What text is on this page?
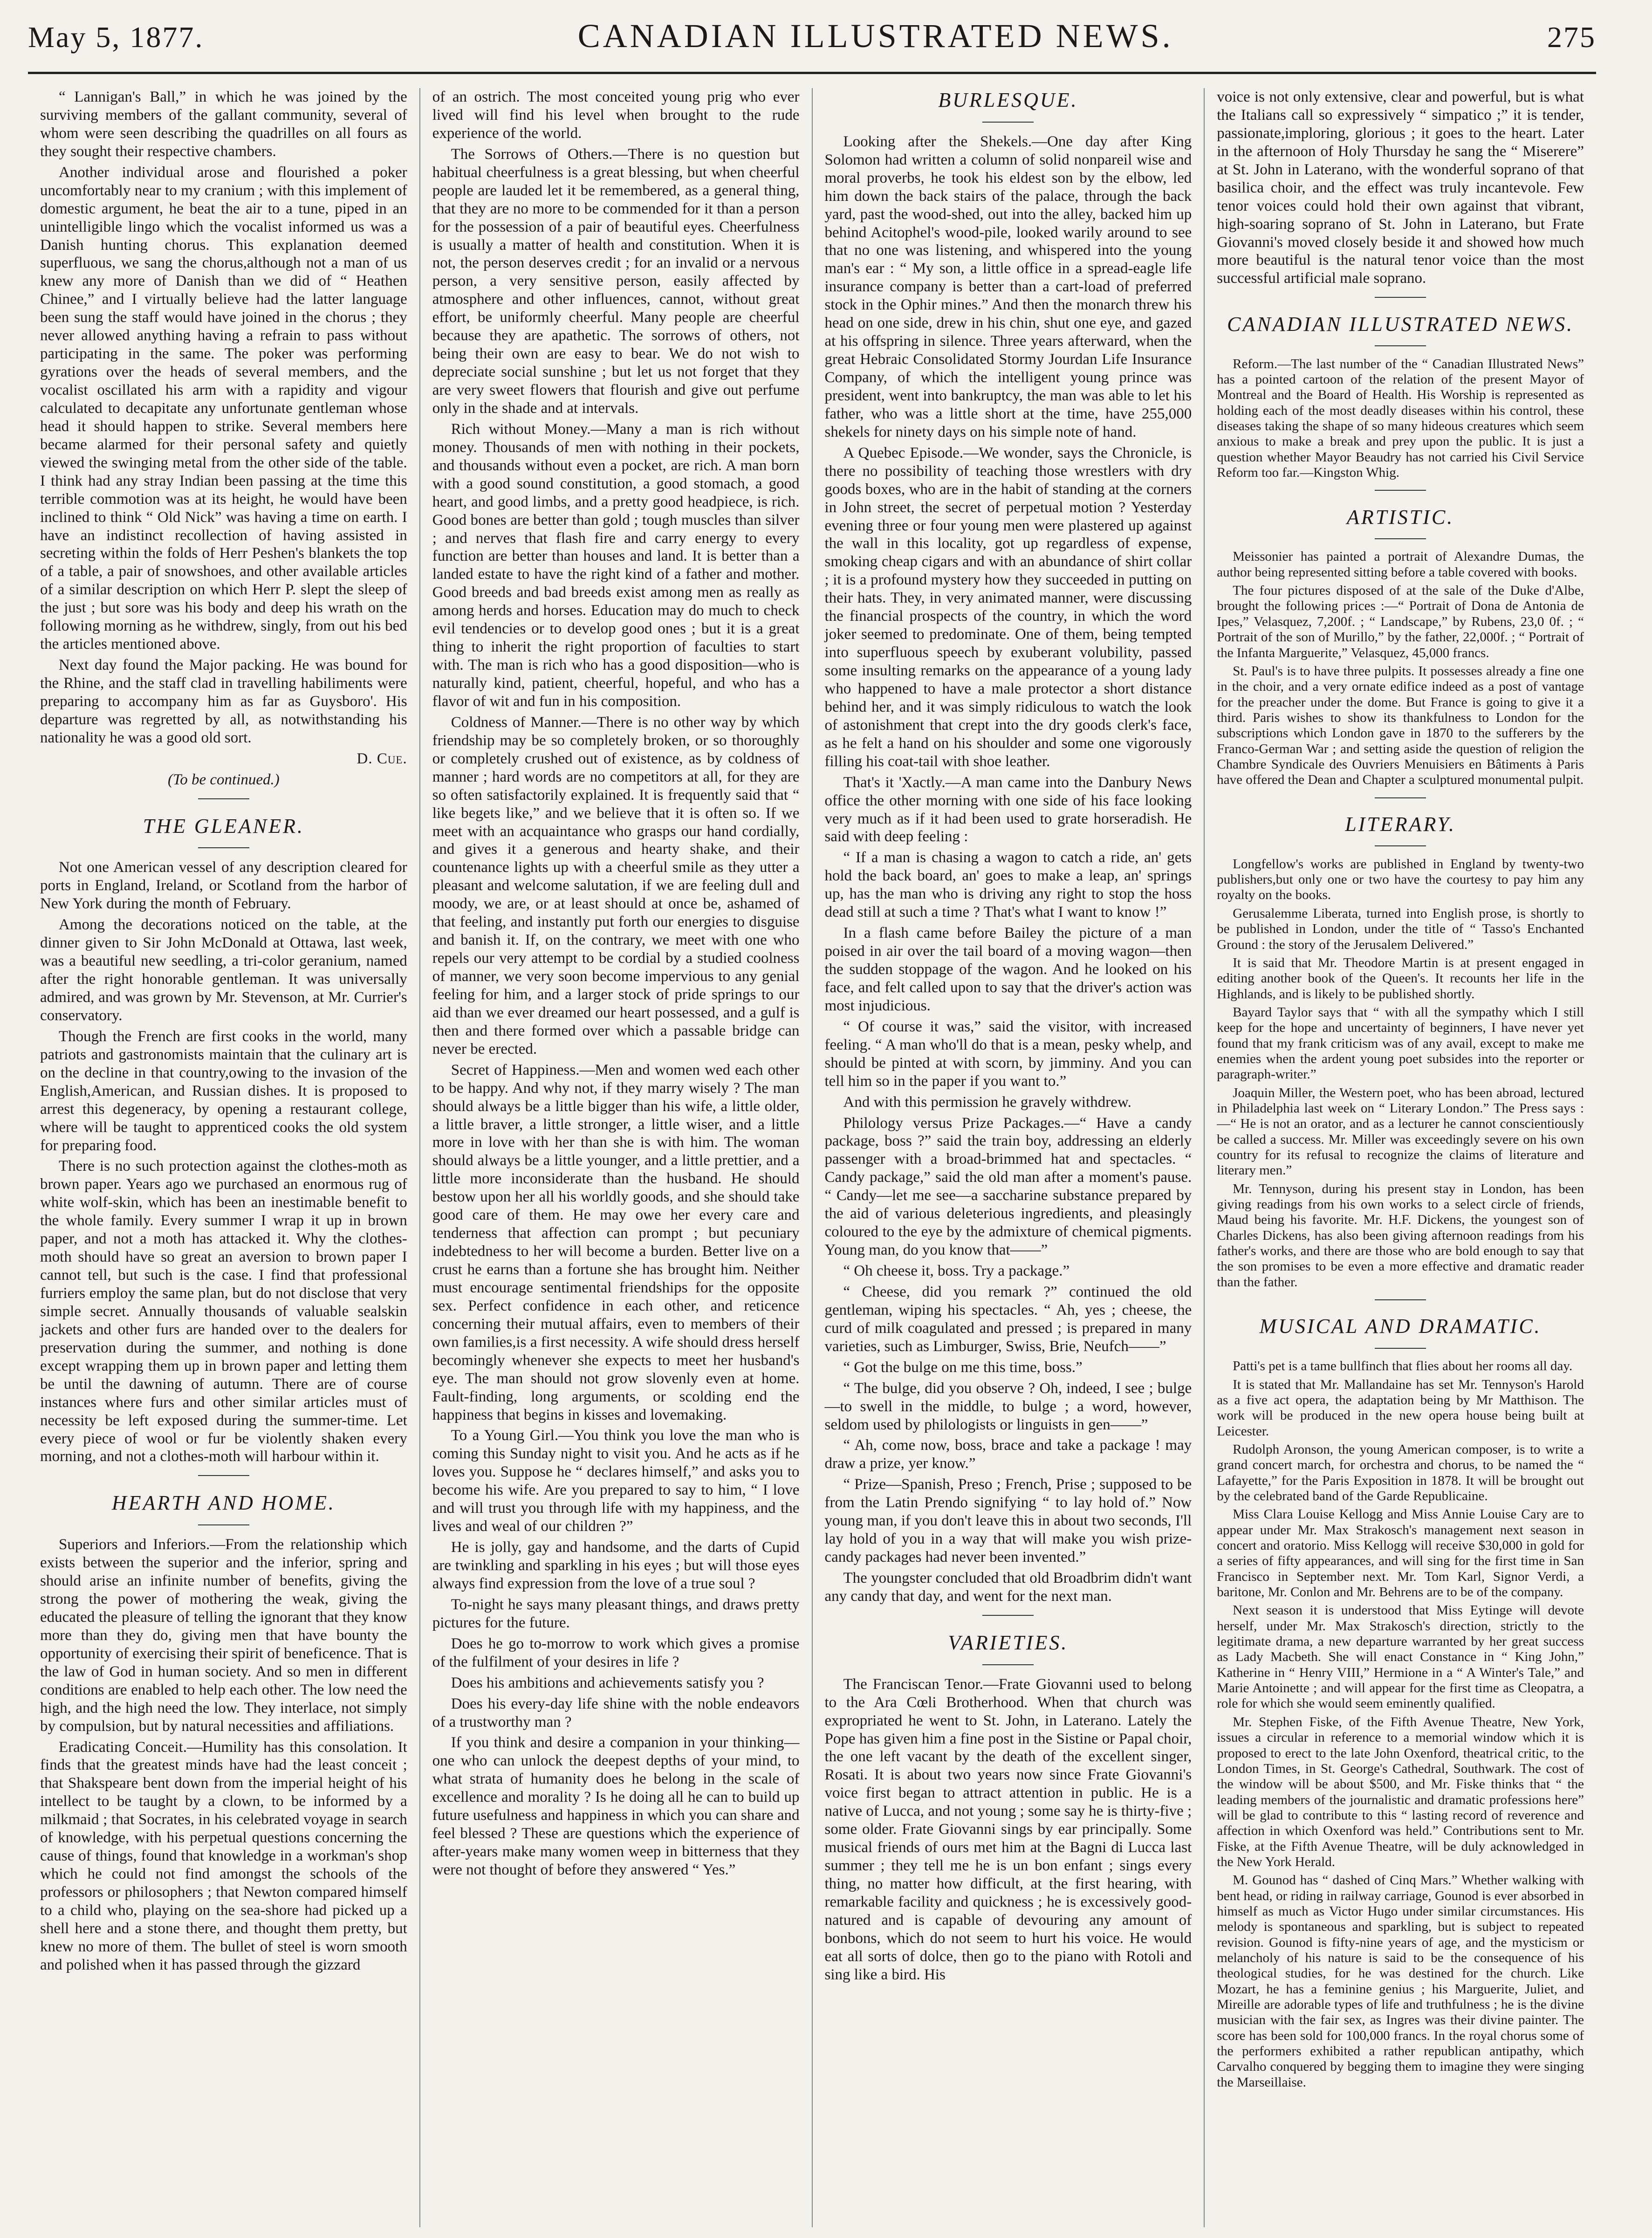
May 5, 1877.	CANADIAN ILLUSTRATED NEWS.	275

“ Lannigan's Ball,” in which he was joined by the surviving members of the gallant community, several of whom were seen describing the quadrilles on all fours as they sought their respective chambers.

Another individual arose and flourished a poker uncomfortably near to my cranium ; with this implement of domestic argument, he beat the air to a tune, piped in an unintelligible lingo which the vocalist informed us was a Danish hunting chorus. This explanation deemed superfluous, we sang the chorus,although not a man of us knew any more of Danish than we did of “ Heathen Chinee,” and I virtually believe had the latter language been sung the staff would have joined in the chorus ; they never allowed anything having a refrain to pass without participating in the same. The poker was performing gyrations over the heads of several members, and the vocalist oscillated his arm with a rapidity and vigour calculated to decapitate any unfortunate gentleman whose head it should happen to strike. Several members here became alarmed for their personal safety and quietly viewed the swinging metal from the other side of the table. I think had any stray Indian been passing at the time this terrible commotion was at its height, he would have been inclined to think “ Old Nick” was having a time on earth. I have an indistinct recollection of having assisted in secreting within the folds of Herr Peshen's blankets the top of a table, a pair of snowshoes, and other available articles of a similar description on which Herr P. slept the sleep of the just ; but sore was his body and deep his wrath on the following morning as he withdrew, singly, from out his bed the articles mentioned above.

Next day found the Major packing. He was bound for the Rhine, and the staff clad in travelling habiliments were preparing to accompany him as far as Guysboro'. His departure was regretted by all, as notwithstanding his nationality he was a good old sort.

D. Cue.

(To be continued.)

THE GLEANER.

Not one American vessel of any description cleared for ports in England, Ireland, or Scotland from the harbor of New York during the month of February.

Among the decorations noticed on the table, at the dinner given to Sir John McDonald at Ottawa, last week, was a beautiful new seedling, a tri-color geranium, named after the right honorable gentleman. It was universally admired, and was grown by Mr. Stevenson, at Mr. Currier's conservatory.

Though the French are first cooks in the world, many patriots and gastronomists maintain that the culinary art is on the decline in that country,owing to the invasion of the English,American, and Russian dishes. It is proposed to arrest this degeneracy, by opening a restaurant college, where will be taught to apprenticed cooks the old system for preparing food.

There is no such protection against the clothes-moth as brown paper. Years ago we purchased an enormous rug of white wolf-skin, which has been an inestimable benefit to the whole family. Every summer I wrap it up in brown paper, and not a moth has attacked it. Why the clothes-moth should have so great an aversion to brown paper I cannot tell, but such is the case. I find that professional furriers employ the same plan, but do not disclose that very simple secret. Annually thousands of valuable sealskin jackets and other furs are handed over to the dealers for preservation during the summer, and nothing is done except wrapping them up in brown paper and letting them be until the dawning of autumn. There are of course instances where furs and other similar articles must of necessity be left exposed during the summer-time. Let every piece of wool or fur be violently shaken every morning, and not a clothes-moth will harbour within it.

HEARTH AND HOME.

Superiors and Inferiors.—From the relationship which exists between the superior and the inferior, spring and should arise an infinite number of benefits, giving the strong the power of mothering the weak, giving the educated the pleasure of telling the ignorant that they know more than they do, giving men that have bounty the opportunity of exercising their spirit of beneficence. That is the law of God in human society. And so men in different conditions are enabled to help each other. The low need the high, and the high need the low. They interlace, not simply by compulsion, but by natural necessities and affiliations.

Eradicating Conceit.—Humility has this consolation. It finds that the greatest minds have had the least conceit ; that Shakspeare bent down from the imperial height of his intellect to be taught by a clown, to be informed by a milkmaid ; that Socrates, in his celebrated voyage in search of knowledge, with his perpetual questions concerning the cause of things, found that knowledge in a workman's shop which he could not find amongst the schools of the professors or philosophers ; that Newton compared himself to a child who, playing on the sea-shore had picked up a shell here and a stone there, and thought them pretty, but knew no more of them. The bullet of steel is worn smooth and polished when it has passed through the gizzard

of an ostrich. The most conceited young prig who ever lived will find his level when brought to the rude experience of the world.

The Sorrows of Others.—There is no question but habitual cheerfulness is a great blessing, but when cheerful people are lauded let it be remembered, as a general thing, that they are no more to be commended for it than a person for the possession of a pair of beautiful eyes. Cheerfulness is usually a matter of health and constitution. When it is not, the person deserves credit ; for an invalid or a nervous person, a very sensitive person, easily affected by atmosphere and other influences, cannot, without great effort, be uniformly cheerful. Many people are cheerful because they are apathetic. The sorrows of others, not being their own are easy to bear. We do not wish to depreciate social sunshine ; but let us not forget that they are very sweet flowers that flourish and give out perfume only in the shade and at intervals.

Rich without Money.—Many a man is rich without money. Thousands of men with nothing in their pockets, and thousands without even a pocket, are rich. A man born with a good sound constitution, a good stomach, a good heart, and good limbs, and a pretty good headpiece, is rich. Good bones are better than gold ; tough muscles than silver ; and nerves that flash fire and carry energy to every function are better than houses and land. It is better than a landed estate to have the right kind of a father and mother. Good breeds and bad breeds exist among men as really as among herds and horses. Education may do much to check evil tendencies or to develop good ones ; but it is a great thing to inherit the right proportion of faculties to start with. The man is rich who has a good disposition—who is naturally kind, patient, cheerful, hopeful, and who has a flavor of wit and fun in his composition.

Coldness of Manner.—There is no other way by which friendship may be so completely broken, or so thoroughly or completely crushed out of existence, as by coldness of manner ; hard words are no competitors at all, for they are so often satisfactorily explained. It is frequently said that “ like begets like,” and we believe that it is often so. If we meet with an acquaintance who grasps our hand cordially, and gives it a generous and hearty shake, and their countenance lights up with a cheerful smile as they utter a pleasant and welcome salutation, if we are feeling dull and moody, we are, or at least should at once be, ashamed of that feeling, and instantly put forth our energies to disguise and banish it. If, on the contrary, we meet with one who repels our very attempt to be cordial by a studied coolness of manner, we very soon become impervious to any genial feeling for him, and a larger stock of pride springs to our aid than we ever dreamed our heart possessed, and a gulf is then and there formed over which a passable bridge can never be erected.

Secret of Happiness.—Men and women wed each other to be happy. And why not, if they marry wisely ? The man should always be a little bigger than his wife, a little older, a little braver, a little stronger, a little wiser, and a little more in love with her than she is with him. The woman should always be a little younger, and a little prettier, and a little more inconsiderate than the husband. He should bestow upon her all his worldly goods, and she should take good care of them. He may owe her every care and tenderness that affection can prompt ; but pecuniary indebtedness to her will become a burden. Better live on a crust he earns than a fortune she has brought him. Neither must encourage sentimental friendships for the opposite sex. Perfect confidence in each other, and reticence concerning their mutual affairs, even to members of their own families,is a first necessity. A wife should dress herself becomingly whenever she expects to meet her husband's eye. The man should not grow slovenly even at home. Fault-finding, long arguments, or scolding end the happiness that begins in kisses and lovemaking.

To a Young Girl.—You think you love the man who is coming this Sunday night to visit you. And he acts as if he loves you. Suppose he “ declares himself,” and asks you to become his wife. Are you prepared to say to him, “ I love and will trust you through life with my happiness, and the lives and weal of our children ?”

He is jolly, gay and handsome, and the darts of Cupid are twinkling and sparkling in his eyes ; but will those eyes always find expression from the love of a true soul ?

To-night he says many pleasant things, and draws pretty pictures for the future.

Does he go to-morrow to work which gives a promise of the fulfilment of your desires in life ?

Does his ambitions and achievements satisfy you ?

Does his every-day life shine with the noble endeavors of a trustworthy man ?

If you think and desire a companion in your thinking—one who can unlock the deepest depths of your mind, to what strata of humanity does he belong in the scale of excellence and morality ? Is he doing all he can to build up future usefulness and happiness in which you can share and feel blessed ? These are questions which the experience of after-years make many women weep in bitterness that they were not thought of before they answered “ Yes.”

BURLESQUE.

Looking after the Shekels.—One day after King Solomon had written a column of solid nonpareil wise and moral proverbs, he took his eldest son by the elbow, led him down the back stairs of the palace, through the back yard, past the wood-shed, out into the alley, backed him up behind Acitophel's wood-pile, looked warily around to see that no one was listening, and whispered into the young man's ear : “ My son, a little office in a spread-eagle life insurance company is better than a cart-load of preferred stock in the Ophir mines.” And then the monarch threw his head on one side, drew in his chin, shut one eye, and gazed at his offspring in silence. Three years afterward, when the great Hebraic Consolidated Stormy Jourdan Life Insurance Company, of which the intelligent young prince was president, went into bankruptcy, the man was able to let his father, who was a little short at the time, have 255,000 shekels for ninety days on his simple note of hand.

A Quebec Episode.—We wonder, says the Chronicle, is there no possibility of teaching those wrestlers with dry goods boxes, who are in the habit of standing at the corners in John street, the secret of perpetual motion ? Yesterday evening three or four young men were plastered up against the wall in this locality, got up regardless of expense, smoking cheap cigars and with an abundance of shirt collar ; it is a profound mystery how they succeeded in putting on their hats. They, in very animated manner, were discussing the financial prospects of the country, in which the word joker seemed to predominate. One of them, being tempted into superfluous speech by exuberant volubility, passed some insulting remarks on the appearance of a young lady who happened to have a male protector a short distance behind her, and it was simply ridiculous to watch the look of astonishment that crept into the dry goods clerk's face, as he felt a hand on his shoulder and some one vigorously filling his coat-tail with shoe leather.

That's it 'Xactly.—A man came into the Danbury News office the other morning with one side of his face looking very much as if it had been used to grate horseradish. He said with deep feeling :

“ If a man is chasing a wagon to catch a ride, an' gets hold the back board, an' goes to make a leap, an' springs up, has the man who is driving any right to stop the hoss dead still at such a time ? That's what I want to know !”

In a flash came before Bailey the picture of a man poised in air over the tail board of a moving wagon—then the sudden stoppage of the wagon. And he looked on his face, and felt called upon to say that the driver's action was most injudicious.

“ Of course it was,” said the visitor, with increased feeling. “ A man who'll do that is a mean, pesky whelp, and should be pinted at with scorn, by jimminy. And you can tell him so in the paper if you want to.”

And with this permission he gravely withdrew.

Philology versus Prize Packages.—“ Have a candy package, boss ?” said the train boy, addressing an elderly passenger with a broad-brimmed hat and spectacles. “ Candy package,” said the old man after a moment's pause. “ Candy—let me see—a saccharine substance prepared by the aid of various deleterious ingredients, and pleasingly coloured to the eye by the admixture of chemical pigments. Young man, do you know that——”

“ Oh cheese it, boss. Try a package.”

“ Cheese, did you remark ?” continued the old gentleman, wiping his spectacles. “ Ah, yes ; cheese, the curd of milk coagulated and pressed ; is prepared in many varieties, such as Limburger, Swiss, Brie, Neufch——”

“ Got the bulge on me this time, boss.”

“ The bulge, did you observe ? Oh, indeed, I see ; bulge—to swell in the middle, to bulge ; a word, however, seldom used by philologists or linguists in gen——”

“ Ah, come now, boss, brace and take a package ! may draw a prize, yer know.”

“ Prize—Spanish, Preso ; French, Prise ; supposed to be from the Latin Prendo signifying “ to lay hold of.” Now young man, if you don't leave this in about two seconds, I'll lay hold of you in a way that will make you wish prize-candy packages had never been invented.”

The youngster concluded that old Broadbrim didn't want any candy that day, and went for the next man.

VARIETIES.

The Franciscan Tenor.—Frate Giovanni used to belong to the Ara Cœli Brotherhood. When that church was expropriated he went to St. John, in Laterano. Lately the Pope has given him a fine post in the Sistine or Papal choir, the one left vacant by the death of the excellent singer, Rosati. It is about two years now since Frate Giovanni's voice first began to attract attention in public. He is a native of Lucca, and not young ; some say he is thirty-five ; some older. Frate Giovanni sings by ear principally. Some musical friends of ours met him at the Bagni di Lucca last summer ; they tell me he is un bon enfant ; sings every thing, no matter how difficult, at the first hearing, with remarkable facility and quickness ; he is excessively good-natured and is capable of devouring any amount of bonbons, which do not seem to hurt his voice. He would eat all sorts of dolce, then go to the piano with Rotoli and sing like a bird. His

voice is not only extensive, clear and powerful, but is what the Italians call so expressively “ simpatico ;” it is tender, passionate,imploring, glorious ; it goes to the heart. Later in the afternoon of Holy Thursday he sang the “ Miserere” at St. John in Laterano, with the wonderful soprano of that basilica choir, and the effect was truly incantevole. Few tenor voices could hold their own against that vibrant, high-soaring soprano of St. John in Laterano, but Frate Giovanni's moved closely beside it and showed how much more beautiful is the natural tenor voice than the most successful artificial male soprano.

CANADIAN ILLUSTRATED NEWS.

Reform.—The last number of the “ Canadian Illustrated News” has a pointed cartoon of the relation of the present Mayor of Montreal and the Board of Health. His Worship is represented as holding each of the most deadly diseases within his control, these diseases taking the shape of so many hideous creatures which seem anxious to make a break and prey upon the public. It is just a question whether Mayor Beaudry has not carried his Civil Service Reform too far.—Kingston Whig.

ARTISTIC.

Meissonier has painted a portrait of Alexandre Dumas, the author being represented sitting before a table covered with books.

The four pictures disposed of at the sale of the Duke d'Albe, brought the following prices :—“ Portrait of Dona de Antonia de Ipes,” Velasquez, 7,200f. ; “ Landscape,” by Rubens, 23,0 0f. ; “ Portrait of the son of Murillo,” by the father, 22,000f. ; “ Portrait of the Infanta Marguerite,” Velasquez, 45,000 francs.

St. Paul's is to have three pulpits. It possesses already a fine one in the choir, and a very ornate edifice indeed as a post of vantage for the preacher under the dome. But France is going to give it a third. Paris wishes to show its thankfulness to London for the subscriptions which London gave in 1870 to the sufferers by the Franco-German War ; and setting aside the question of religion the Chambre Syndicale des Ouvriers Menuisiers en Bâtiments à Paris have offered the Dean and Chapter a sculptured monumental pulpit.

LITERARY.

Longfellow's works are published in England by twenty-two publishers,but only one or two have the courtesy to pay him any royalty on the books.

Gerusalemme Liberata, turned into English prose, is shortly to be published in London, under the title of “ Tasso's Enchanted Ground : the story of the Jerusalem Delivered.”

It is said that Mr. Theodore Martin is at present engaged in editing another book of the Queen's. It recounts her life in the Highlands, and is likely to be published shortly.

Bayard Taylor says that “ with all the sympathy which I still keep for the hope and uncertainty of beginners, I have never yet found that my frank criticism was of any avail, except to make me enemies when the ardent young poet subsides into the reporter or paragraph-writer.”

Joaquin Miller, the Western poet, who has been abroad, lectured in Philadelphia last week on “ Literary London.” The Press says :—“ He is not an orator, and as a lecturer he cannot conscientiously be called a success. Mr. Miller was exceedingly severe on his own country for its refusal to recognize the claims of literature and literary men.”

Mr. Tennyson, during his present stay in London, has been giving readings from his own works to a select circle of friends, Maud being his favorite. Mr. H.F. Dickens, the youngest son of Charles Dickens, has also been giving afternoon readings from his father's works, and there are those who are bold enough to say that the son promises to be even a more effective and dramatic reader than the father.

MUSICAL AND DRAMATIC.

Patti's pet is a tame bullfinch that flies about her rooms all day.

It is stated that Mr. Mallandaine has set Mr. Tennyson's Harold as a five act opera, the adaptation being by Mr Matthison. The work will be produced in the new opera house being built at Leicester.

Rudolph Aronson, the young American composer, is to write a grand concert march, for orchestra and chorus, to be named the “ Lafayette,” for the Paris Exposition in 1878. It will be brought out by the celebrated band of the Garde Republicaine.

Miss Clara Louise Kellogg and Miss Annie Louise Cary are to appear under Mr. Max Strakosch's management next season in concert and oratorio. Miss Kellogg will receive $30,000 in gold for a series of fifty appearances, and will sing for the first time in San Francisco in September next. Mr. Tom Karl, Signor Verdi, a baritone, Mr. Conlon and Mr. Behrens are to be of the company.

Next season it is understood that Miss Eytinge will devote herself, under Mr. Max Strakosch's direction, strictly to the legitimate drama, a new departure warranted by her great success as Lady Macbeth. She will enact Constance in “ King John,” Katherine in “ Henry VIII,” Hermione in a “ A Winter's Tale,” and Marie Antoinette ; and will appear for the first time as Cleopatra, a role for which she would seem eminently qualified.

Mr. Stephen Fiske, of the Fifth Avenue Theatre, New York, issues a circular in reference to a memorial window which it is proposed to erect to the late John Oxenford, theatrical critic, to the London Times, in St. George's Cathedral, Southwark. The cost of the window will be about $500, and Mr. Fiske thinks that “ the leading members of the journalistic and dramatic professions here” will be glad to contribute to this “ lasting record of reverence and affection in which Oxenford was held.” Contributions sent to Mr. Fiske, at the Fifth Avenue Theatre, will be duly acknowledged in the New York Herald.

M. Gounod has “ dashed of Cinq Mars.” Whether walking with bent head, or riding in railway carriage, Gounod is ever absorbed in himself as much as Victor Hugo under similar circumstances. His melody is spontaneous and sparkling, but is subject to repeated revision. Gounod is fifty-nine years of age, and the mysticism or melancholy of his nature is said to be the consequence of his theological studies, for he was destined for the church. Like Mozart, he has a feminine genius ; his Marguerite, Juliet, and Mireille are adorable types of life and truthfulness ; he is the divine musician with the fair sex, as Ingres was their divine painter. The score has been sold for 100,000 francs. In the royal chorus some of the performers exhibited a rather republican antipathy, which Carvalho conquered by begging them to imagine they were singing the Marseillaise.
